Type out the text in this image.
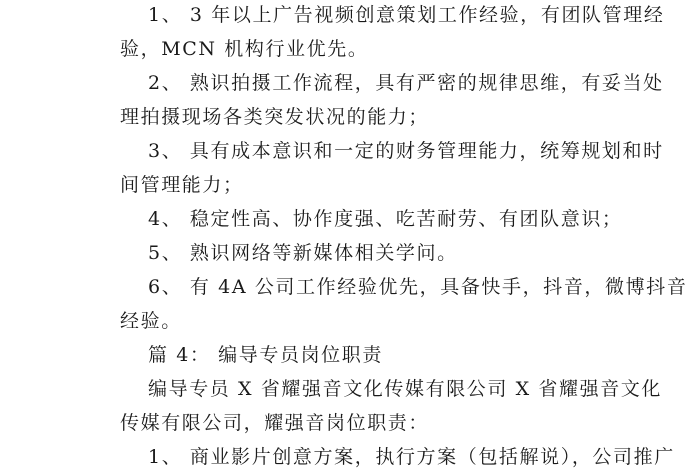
1、 3 年以上广告视频创意策划工作经验，有团队管理经
验，MCN 机构行业优先。
2、 熟识拍摄工作流程，具有严密的规律思维，有妥当处
理拍摄现场各类突发状况的能力；
3、 具有成本意识和一定的财务管理能力，统筹规划和时
间管理能力；
4、 稳定性高、协作度强、吃苦耐劳、有团队意识；
5、 熟识网络等新媒体相关学问。
6、 有 4A 公司工作经验优先，具备快手，抖音，微博抖音
经验。
篇 4： 编导专员岗位职责
编导专员 X 省耀强音文化传媒有限公司 X 省耀强音文化
传媒有限公司，耀强音岗位职责：
1、 商业影片创意方案，执行方案（包括解说），公司推广
